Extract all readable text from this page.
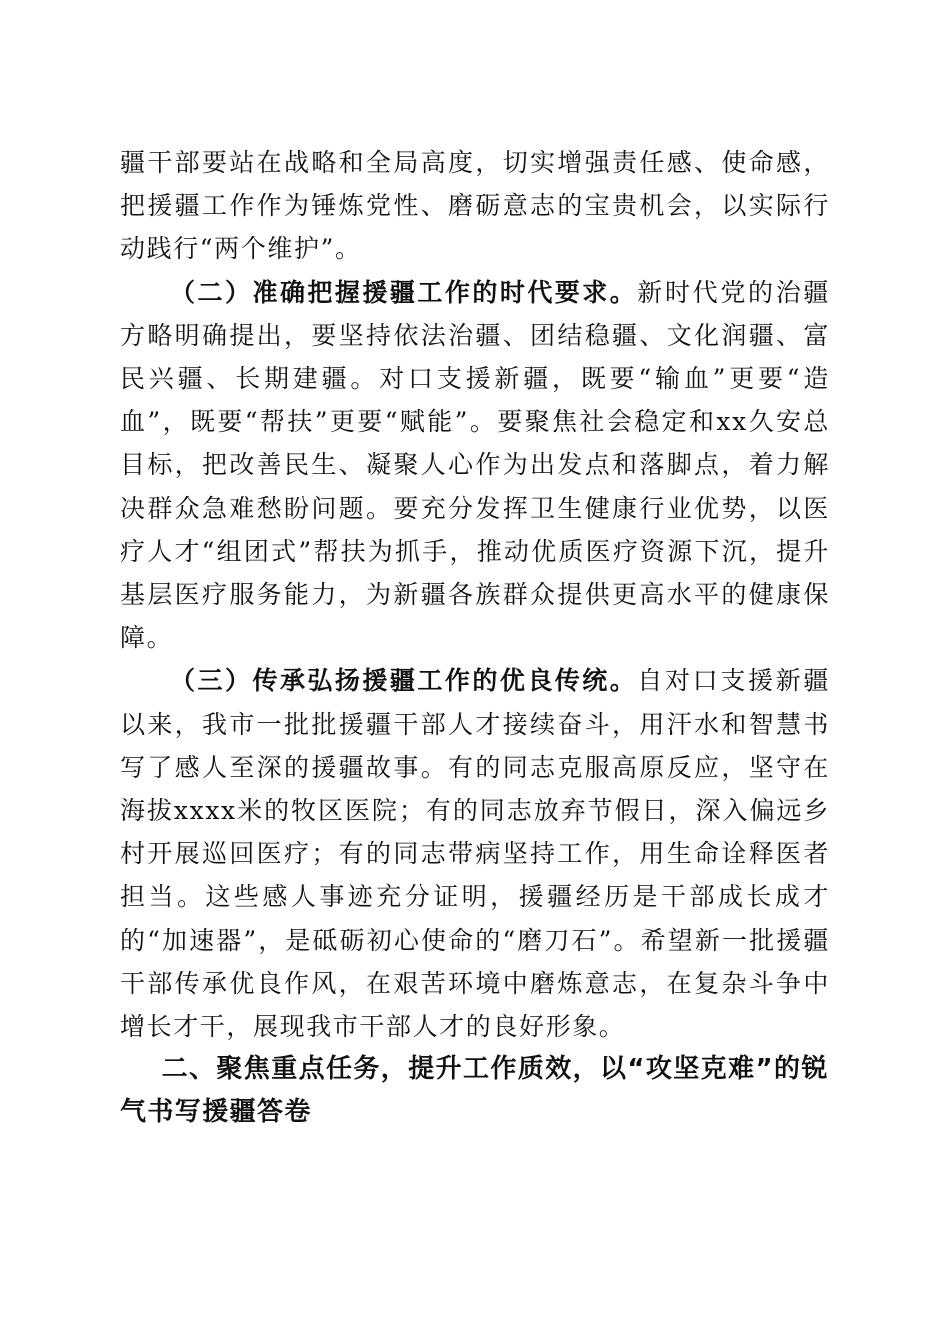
疆干部要站在战略和全局高度，切实增强责任感、使命感，把援疆工作作为锤炼党性、磨砺意志的宝贵机会，以实际行动践行“两个维护”。

（二）准确把握援疆工作的时代要求。新时代党的治疆方略明确提出，要坚持依法治疆、团结稳疆、文化润疆、富民兴疆、长期建疆。对口支援新疆，既要“输血”更要“造血”，既要“帮扶”更要“赋能”。要聚焦社会稳定和xx久安总目标，把改善民生、凝聚人心作为出发点和落脚点，着力解决群众急难愁盼问题。要充分发挥卫生健康行业优势，以医疗人才“组团式”帮扶为抓手，推动优质医疗资源下沉，提升基层医疗服务能力，为新疆各族群众提供更高水平的健康保障。

（三）传承弘扬援疆工作的优良传统。自对口支援新疆以来，我市一批批援疆干部人才接续奋斗，用汗水和智慧书写了感人至深的援疆故事。有的同志克服高原反应，坚守在海拔xxxx米的牧区医院；有的同志放弃节假日，深入偏远乡村开展巡回医疗；有的同志带病坚持工作，用生命诠释医者担当。这些感人事迹充分证明，援疆经历是干部成长成才的“加速器”，是砥砺初心使命的“磨刀石”。希望新一批援疆干部传承优良作风，在艰苦环境中磨炼意志，在复杂斗争中增长才干，展现我市干部人才的良好形象。

二、聚焦重点任务，提升工作质效，以“攻坚克难”的锐气书写援疆答卷
